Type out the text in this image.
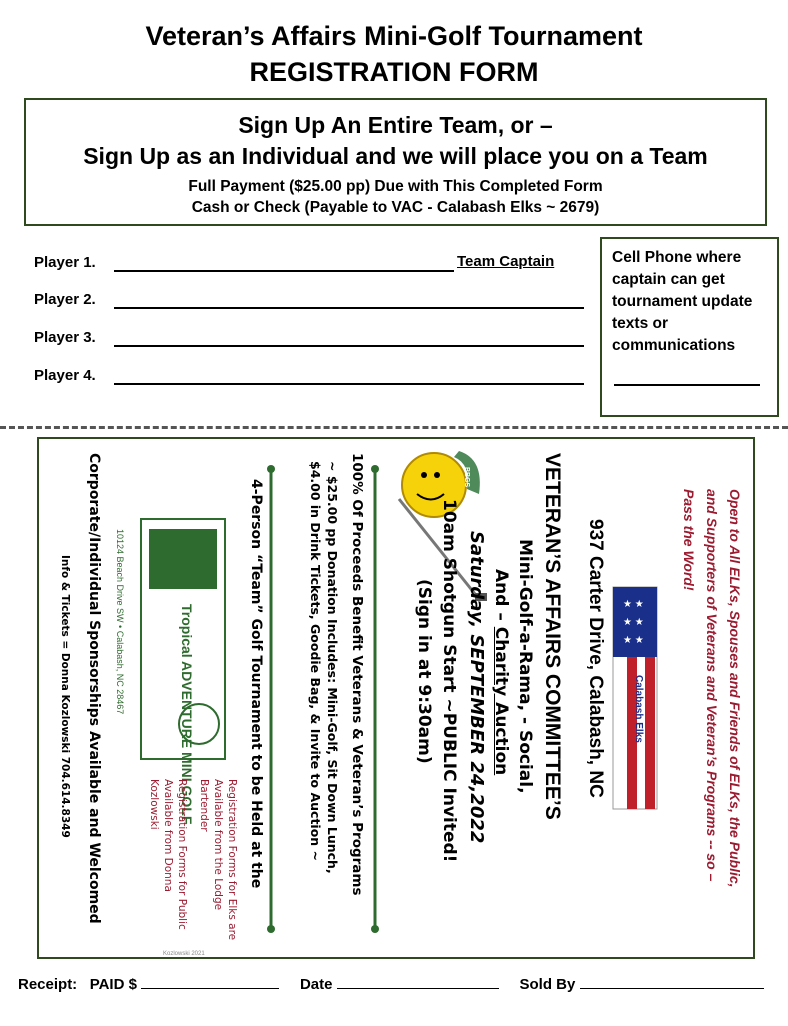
Veteran’s Affairs Mini-Golf Tournament
REGISTRATION FORM
Sign Up An Entire Team, or –
Sign Up as an Individual and we will place you on a Team
Full Payment ($25.00 pp) Due with This Completed Form
Cash or Check (Payable to VAC - Calabash Elks ~ 2679)
Player 1.	Team Captain
Player 2.
Player 3.
Player 4.
Cell Phone where captain can get tournament update texts or communications
★ ★
★ ★
★ ★
BBGS
937 Carter Drive, Calabash, NC
VETERAN’S AFFAIRS COMMITTEE’S
Mini-Golf-a-Rama, - Social,
And – Charity Auction
Saturday, SEPTEMBER 24,2022
10am Shotgun Start ~PUBLIC Invited!
(Sign in at 9:30am)
100% Of Proceeds Benefit Veterans & Veteran’s Programs
~ $25.00 pp Donation Includes: Mini-Golf, Sit Down Lunch,
$4.00 in Drink Tickets, Goodie Bag, & Invite to Auction ~
4-Person “Team” Golf Tournament to be Held at the
Corporate/Individual Sponsorships Available and Welcomed
Info & Tickets = Donna Kozlowski 704.614.8349	10124 Beach Drive SW • Calabash, NC 28467	Tropical ADVENTURE MINI GOLF	Calabash Elks	Open to All ELKs, Spouses and Friends of ELKs, the Public, and Supporters of Veterans and Veteran’s Programs -- so – Pass the Word!
Registration Forms for Elks are Available from the Lodge Bartender
Registration Forms for Public Available from Donna Kozlowski
Kozlowski 2021
Receipt: PAID $	Date	Sold By
